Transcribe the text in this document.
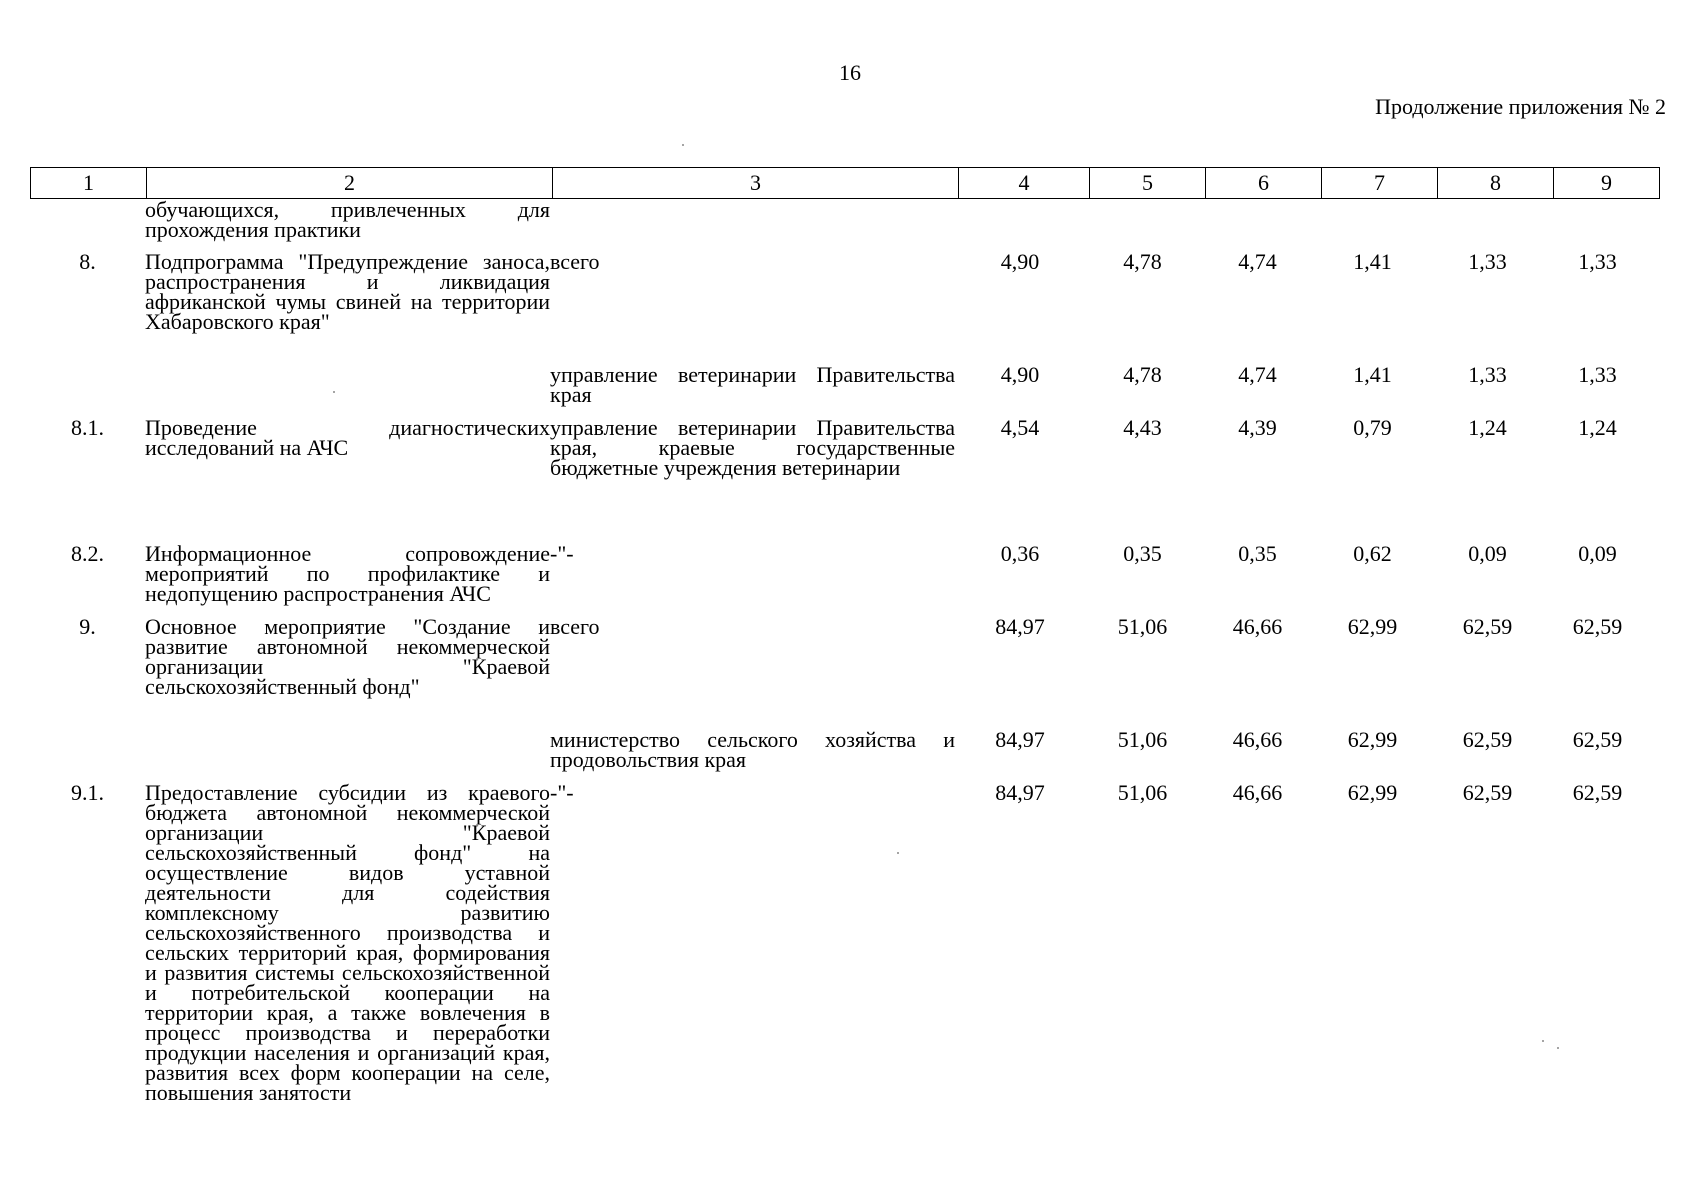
16
Продолжение приложения № 2
1	2	3	4	5	6	7	8	9
	обучающихся, привлеченных для прохождения практики							
8.	Подпрограмма "Предупреждение заноса, распространения и ликвидация африканской чумы свиней на территории Хабаровского края"	всего	4,90	4,78	4,74	1,41	1,33	1,33
		управление ветеринарии Правительства края	4,90	4,78	4,74	1,41	1,33	1,33
8.1.	Проведение диагностических исследований на АЧС	управление ветеринарии Правительства края, краевые государственные бюджетные учреждения ветеринарии	4,54	4,43	4,39	0,79	1,24	1,24
8.2.	Информационное сопровождение мероприятий по профилактике и недопущению распространения АЧС	-"-	0,36	0,35	0,35	0,62	0,09	0,09
9.	Основное мероприятие "Создание и развитие автономной некоммерческой организации "Краевой сельскохозяйственный фонд"	всего	84,97	51,06	46,66	62,99	62,59	62,59
		министерство сельского хозяйства и продовольствия края	84,97	51,06	46,66	62,99	62,59	62,59
9.1.	Предоставление субсидии из краевого бюджета автономной некоммерческой организации "Краевой сельскохозяйственный фонд" на осуществление видов уставной деятельности для содействия комплексному развитию сельскохозяйственного производства и сельских территорий края, формирования и развития системы сельскохозяйственной и потребительской кооперации на территории края, а также вовлечения в процесс производства и переработки продукции населения и организаций края, развития всех форм кооперации на селе, повышения занятости	-"-	84,97	51,06	46,66	62,99	62,59	62,59
